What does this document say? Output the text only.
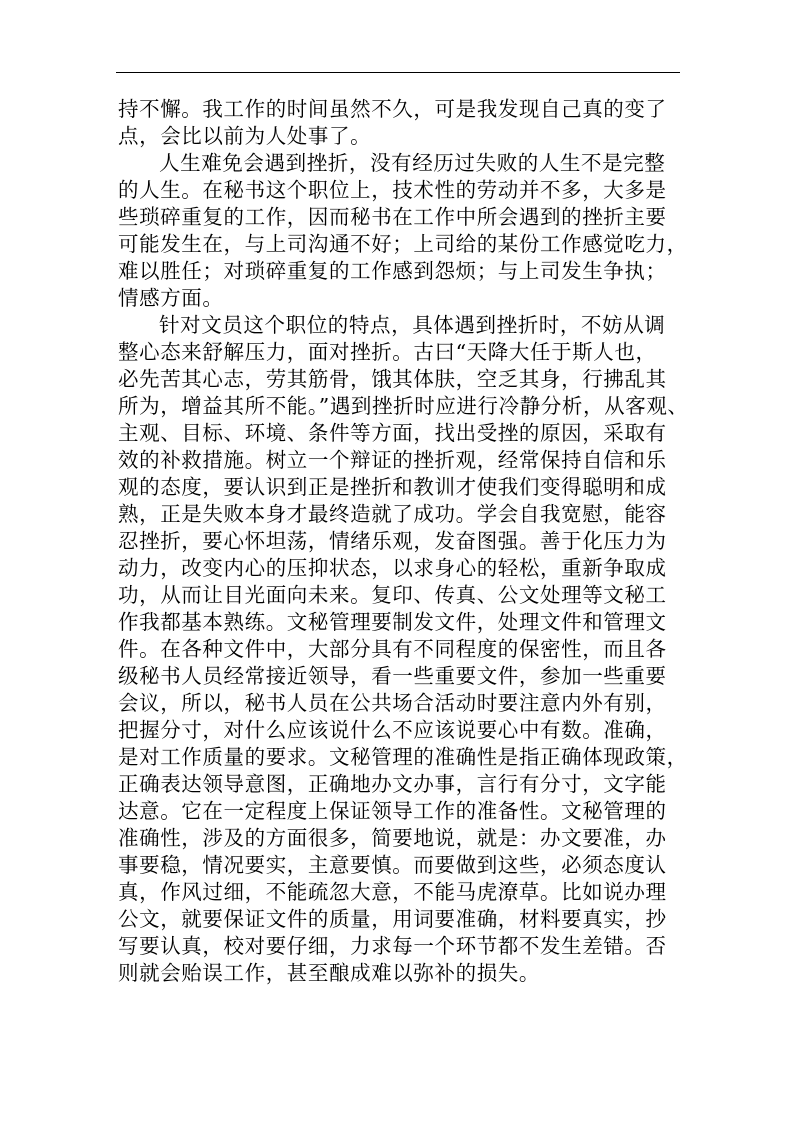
持不懈。我工作的时间虽然不久，可是我发现自己真的变了
点，会比以前为人处事了。
人生难免会遇到挫折，没有经历过失败的人生不是完整
的人生。在秘书这个职位上，技术性的劳动并不多，大多是
些琐碎重复的工作，因而秘书在工作中所会遇到的挫折主要
可能发生在，与上司沟通不好；上司给的某份工作感觉吃力，
难以胜任；对琐碎重复的工作感到怨烦；与上司发生争执；
情感方面。
针对文员这个职位的特点，具体遇到挫折时，不妨从调
整心态来舒解压力，面对挫折。古曰“天降大任于斯人也，
必先苦其心志，劳其筋骨，饿其体肤，空乏其身，行拂乱其
所为，增益其所不能。”遇到挫折时应进行冷静分析，从客观、
主观、目标、环境、条件等方面，找出受挫的原因，采取有
效的补救措施。树立一个辩证的挫折观，经常保持自信和乐
观的态度，要认识到正是挫折和教训才使我们变得聪明和成
熟，正是失败本身才最终造就了成功。学会自我宽慰，能容
忍挫折，要心怀坦荡，情绪乐观，发奋图强。善于化压力为
动力，改变内心的压抑状态，以求身心的轻松，重新争取成
功，从而让目光面向未来。复印、传真、公文处理等文秘工
作我都基本熟练。文秘管理要制发文件，处理文件和管理文
件。在各种文件中，大部分具有不同程度的保密性，而且各
级秘书人员经常接近领导，看一些重要文件，参加一些重要
会议，所以，秘书人员在公共场合活动时要注意内外有别，
把握分寸，对什么应该说什么不应该说要心中有数。准确，
是对工作质量的要求。文秘管理的准确性是指正确体现政策，
正确表达领导意图，正确地办文办事，言行有分寸，文字能
达意。它在一定程度上保证领导工作的准备性。文秘管理的
准确性，涉及的方面很多，简要地说，就是：办文要准，办
事要稳，情况要实，主意要慎。而要做到这些，必须态度认
真，作风过细，不能疏忽大意，不能马虎潦草。比如说办理
公文，就要保证文件的质量，用词要准确，材料要真实，抄
写要认真，校对要仔细，力求每一个环节都不发生差错。否
则就会贻误工作，甚至酿成难以弥补的损失。
